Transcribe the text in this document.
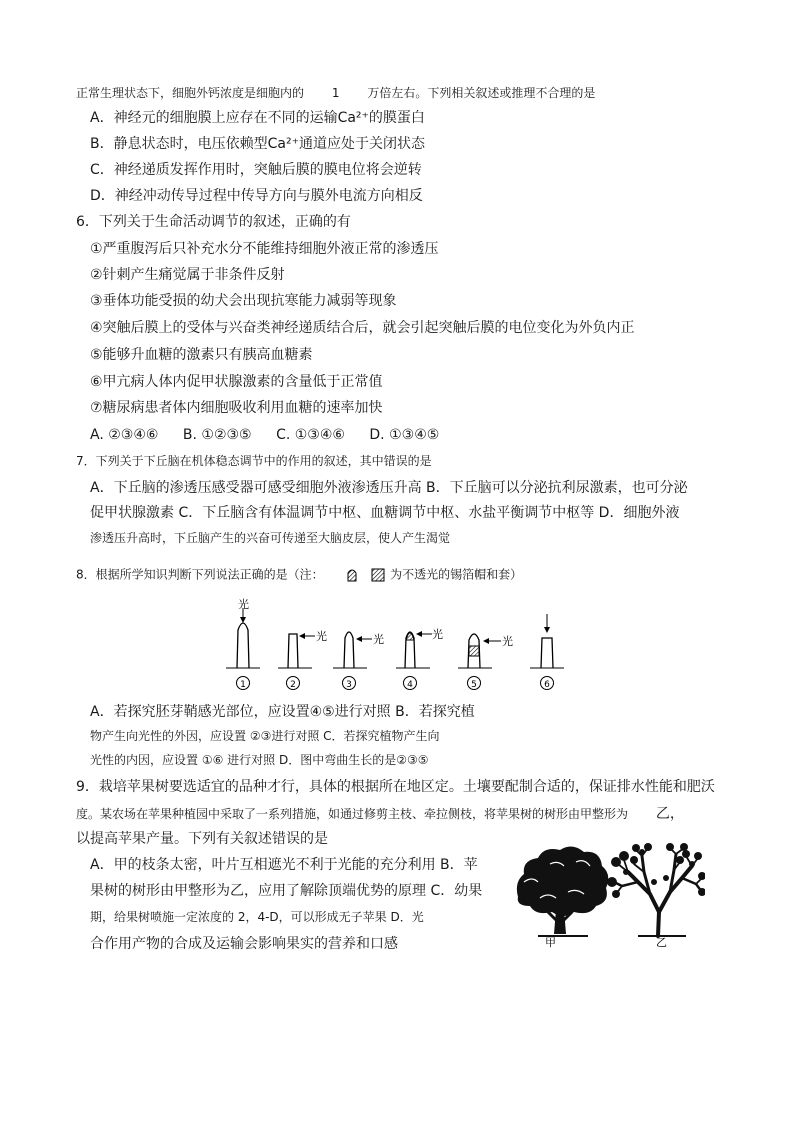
正常生理状态下，细胞外钙浓度是细胞内的 1 万倍左右。下列相关叙述或推理不合理的是
A．神经元的细胞膜上应存在不同的运输Ca²⁺的膜蛋白
B．静息状态时，电压依赖型Ca²⁺通道应处于关闭状态
C．神经递质发挥作用时，突触后膜的膜电位将会逆转
D．神经冲动传导过程中传导方向与膜外电流方向相反
6．下列关于生命活动调节的叙述，正确的有
①严重腹泻后只补充水分不能维持细胞外液正常的渗透压
②针刺产生痛觉属于非条件反射
③垂体功能受损的幼犬会出现抗寒能力减弱等现象
④突触后膜上的受体与兴奋类神经递质结合后，就会引起突触后膜的电位变化为外负内正
⑤能够升血糖的激素只有胰高血糖素
⑥甲亢病人体内促甲状腺激素的含量低于正常值
⑦糖尿病患者体内细胞吸收利用血糖的速率加快
A. ②③④⑥ B. ①②③⑤ C. ①③④⑥ D. ①③④⑤
7．下列关于下丘脑在机体稳态调节中的作用的叙述，其中错误的是
A．下丘脑的渗透压感受器可感受细胞外液渗透压升高 B．下丘脑可以分泌抗利尿激素，也可分泌
促甲状腺激素 C．下丘脑含有体温调节中枢、血糖调节中枢、水盐平衡调节中枢等 D．细胞外液
渗透压升高时，下丘脑产生的兴奋可传递至大脑皮层，使人产生渴觉
8．根据所学知识判断下列说法正确的是（注：	为不透光的锡箔帽和套）
光
1
光
2
光
3
光
4
光
5	6
A．若探究胚芽鞘感光部位，应设置④⑤进行对照 B．若探究植
物产生向光性的外因，应设置 ②③进行对照 C．若探究植物产生向
光性的内因，应设置 ①⑥ 进行对照 D．图中弯曲生长的是②③⑤
9．栽培苹果树要选适宜的品种才行，具体的根据所在地区定。土壤要配制合适的，保证排水性能和肥沃
度。某农场在苹果种植园中采取了一系列措施，如通过修剪主枝、牵拉侧枝，将苹果树的树形由甲整形为 乙，
以提高苹果产量。下列有关叙述错误的是
A．甲的枝条太密，叶片互相遮光不利于光能的充分利用 B．苹
果树的树形由甲整形为乙，应用了解除顶端优势的原理 C．幼果
期，给果树喷施一定浓度的 2，4-D，可以形成无子苹果 D．光
合作用产物的合成及运输会影响果实的营养和口感	甲	乙
